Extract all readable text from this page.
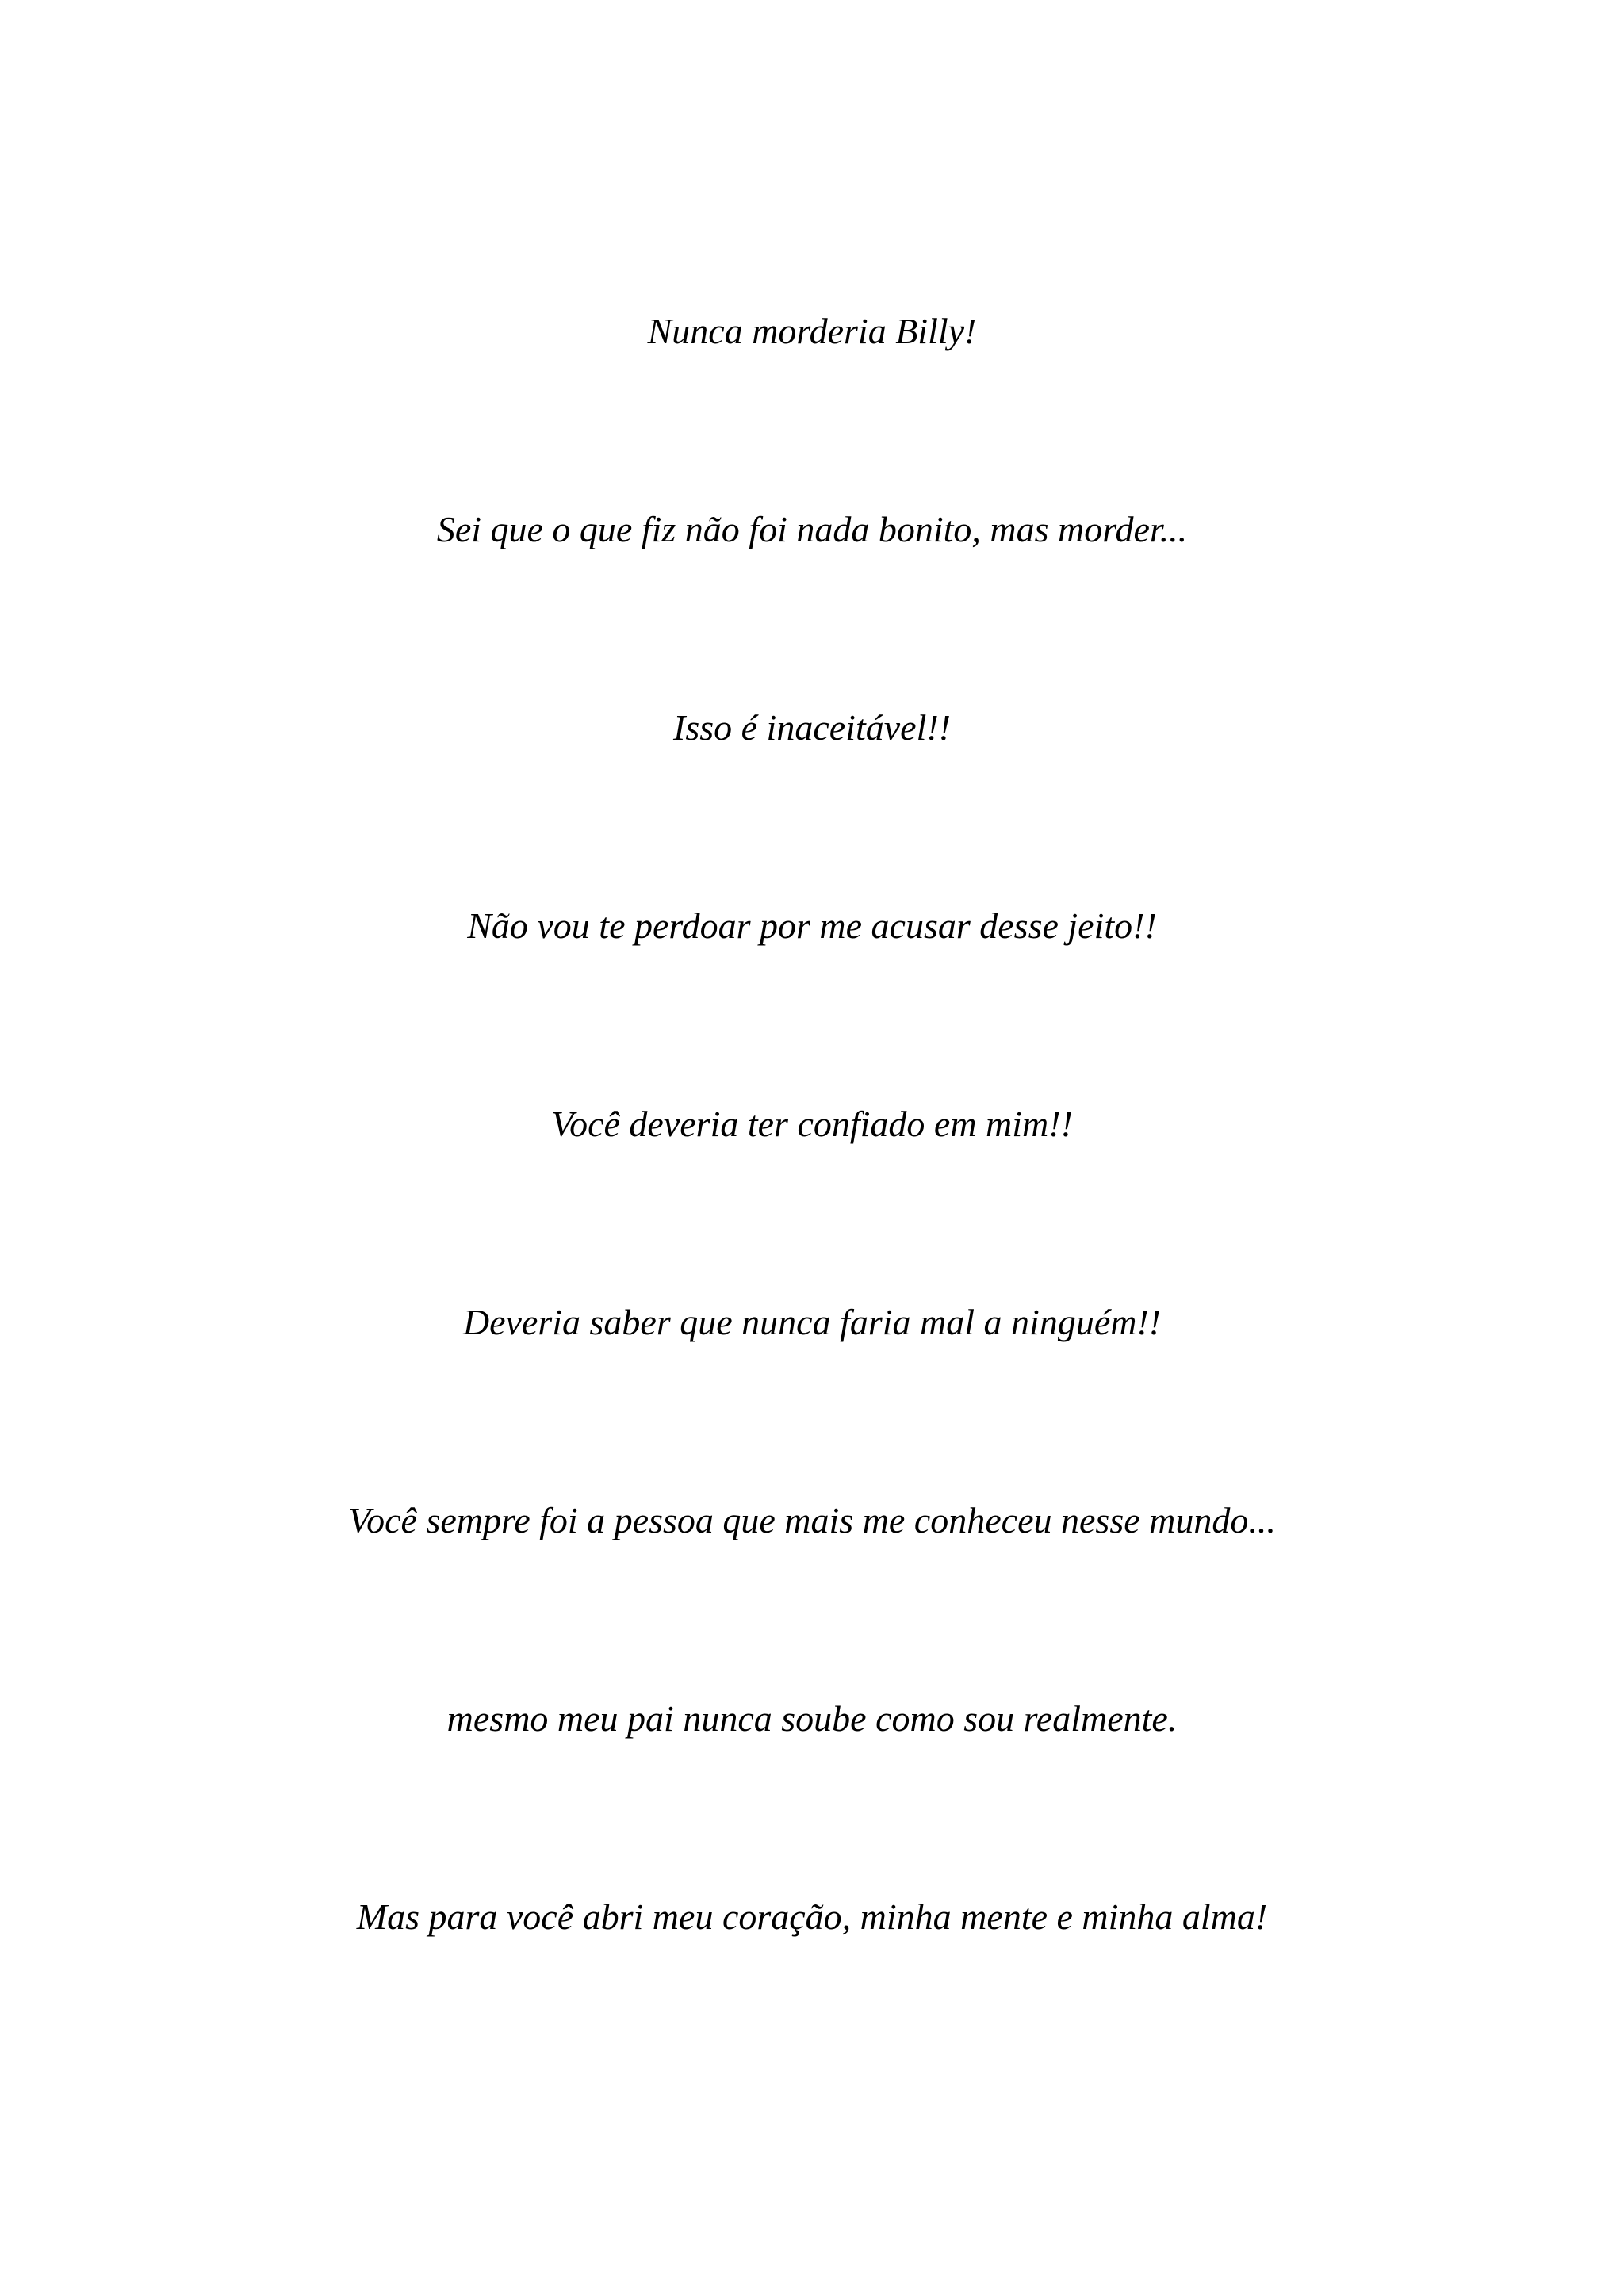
Nunca morderia Billy!

Sei que o que fiz não foi nada bonito, mas morder...

Isso é inaceitável!!

Não vou te perdoar por me acusar desse jeito!!

Você deveria ter confiado em mim!!

Deveria saber que nunca faria mal a ninguém!!

Você sempre foi a pessoa que mais me conheceu nesse mundo...

mesmo meu pai nunca soube como sou realmente.

Mas para você abri meu coração, minha mente e minha alma!
